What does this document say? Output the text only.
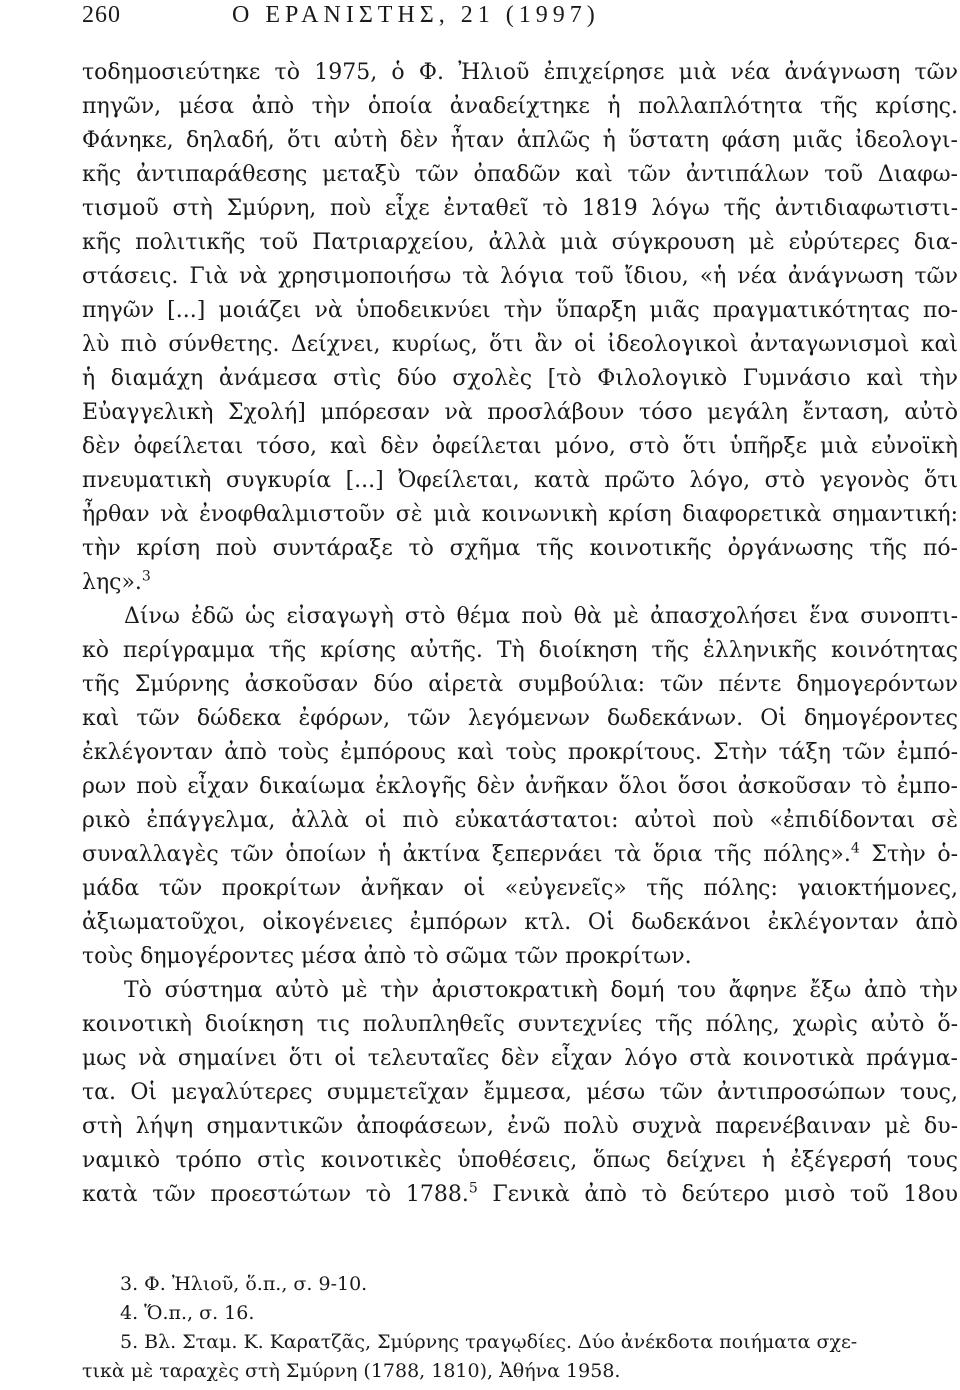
260	Ο ΕΡΑΝΙΣΤΗΣ, 21 (1997)
τοδημοσιεύτηκε τὸ 1975, ὁ Φ. Ἠλιοῦ ἐπιχείρησε μιὰ νέα ἀνάγνωση τῶν
πηγῶν, μέσα ἀπὸ τὴν ὁποία ἀναδείχτηκε ἡ πολλαπλότητα τῆς κρίσης.
Φάνηκε, δηλαδή, ὅτι αὐτὴ δὲν ἦταν ἁπλῶς ἡ ὕστατη φάση μιᾶς ἰδεολογι-
κῆς ἀντιπαράθεσης μεταξὺ τῶν ὀπαδῶν καὶ τῶν ἀντιπάλων τοῦ Διαφω-
τισμοῦ στὴ Σμύρνη, ποὺ εἶχε ἐνταθεῖ τὸ 1819 λόγω τῆς ἀντιδιαφωτιστι-
κῆς πολιτικῆς τοῦ Πατριαρχείου, ἀλλὰ μιὰ σύγκρουση μὲ εὐρύτερες δια-
στάσεις. Γιὰ νὰ χρησιμοποιήσω τὰ λόγια τοῦ ἴδιου, «ἡ νέα ἀνάγνωση τῶν
πηγῶν [...] μοιάζει νὰ ὑποδεικνύει τὴν ὕπαρξη μιᾶς πραγματικότητας πο-
λὺ πιὸ σύνθετης. Δείχνει, κυρίως, ὅτι ἂν οἱ ἰδεολογικοὶ ἀνταγωνισμοὶ καὶ
ἡ διαμάχη ἀνάμεσα στὶς δύο σχολὲς [τὸ Φιλολογικὸ Γυμνάσιο καὶ τὴν
Εὐαγγελικὴ Σχολή] μπόρεσαν νὰ προσλάβουν τόσο μεγάλη ἔνταση, αὐτὸ
δὲν ὀφείλεται τόσο, καὶ δὲν ὀφείλεται μόνο, στὸ ὅτι ὑπῆρξε μιὰ εὐνοϊκὴ
πνευματικὴ συγκυρία [...] Ὀφείλεται, κατὰ πρῶτο λόγο, στὸ γεγονὸς ὅτι
ἦρθαν νὰ ἐνοφθαλμιστοῦν σὲ μιὰ κοινωνικὴ κρίση διαφορετικὰ σημαντική:
τὴν κρίση ποὺ συντάραξε τὸ σχῆμα τῆς κοινοτικῆς ὀργάνωσης τῆς πό-
λης».$^3$
Δίνω ἐδῶ ὡς εἰσαγωγὴ στὸ θέμα ποὺ θὰ μὲ ἀπασχολήσει ἕνα συνοπτι-
κὸ περίγραμμα τῆς κρίσης αὐτῆς. Τὴ διοίκηση τῆς ἑλληνικῆς κοινότητας
τῆς Σμύρνης ἀσκοῦσαν δύο αἱρετὰ συμβούλια: τῶν πέντε δημογερόντων
καὶ τῶν δώδεκα ἐφόρων, τῶν λεγόμενων δωδεκάνων. Οἱ δημογέροντες
ἐκλέγονταν ἀπὸ τοὺς ἐμπόρους καὶ τοὺς προκρίτους. Στὴν τάξη τῶν ἐμπό-
ρων ποὺ εἶχαν δικαίωμα ἐκλογῆς δὲν ἀνῆκαν ὅλοι ὅσοι ἀσκοῦσαν τὸ ἐμπο-
ρικὸ ἐπάγγελμα, ἀλλὰ οἱ πιὸ εὐκατάστατοι: αὐτοὶ ποὺ «ἐπιδίδονται σὲ
συναλλαγὲς τῶν ὁποίων ἡ ἀκτίνα ξεπερνάει τὰ ὅρια τῆς πόλης».$^4$ Στὴν ὁ-
μάδα τῶν προκρίτων ἀνῆκαν οἱ «εὐγενεῖς» τῆς πόλης: γαιοκτήμονες,
ἀξιωματοῦχοι, οἰκογένειες ἐμπόρων κτλ. Οἱ δωδεκάνοι ἐκλέγονταν ἀπὸ
τοὺς δημογέροντες μέσα ἀπὸ τὸ σῶμα τῶν προκρίτων.
Τὸ σύστημα αὐτὸ μὲ τὴν ἀριστοκρατικὴ δομή του ἄφηνε ἔξω ἀπὸ τὴν
κοινοτικὴ διοίκηση τις πολυπληθεῖς συντεχνίες τῆς πόλης, χωρὶς αὐτὸ ὅ-
μως νὰ σημαίνει ὅτι οἱ τελευταῖες δὲν εἶχαν λόγο στὰ κοινοτικὰ πράγμα-
τα. Οἱ μεγαλύτερες συμμετεῖχαν ἔμμεσα, μέσω τῶν ἀντιπροσώπων τους,
στὴ λήψη σημαντικῶν ἀποφάσεων, ἐνῶ πολὺ συχνὰ παρενέβαιναν μὲ δυ-
ναμικὸ τρόπο στὶς κοινοτικὲς ὑποθέσεις, ὅπως δείχνει ἡ ἐξέγερσή τους
κατὰ τῶν προεστώτων τὸ 1788.$^5$ Γενικὰ ἀπὸ τὸ δεύτερο μισὸ τοῦ 18ου
3. Φ. Ἠλιοῦ, ὅ.π., σ. 9-10.
4. Ὅ.π., σ. 16.
5. Βλ. Σταμ. Κ. Καρατζᾶς, Σμύρνης τραγῳδίες. Δύο ἀνέκδοτα ποιήματα σχε-
τικὰ μὲ ταραχὲς στὴ Σμύρνη (1788, 1810), Ἀθήνα 1958.
